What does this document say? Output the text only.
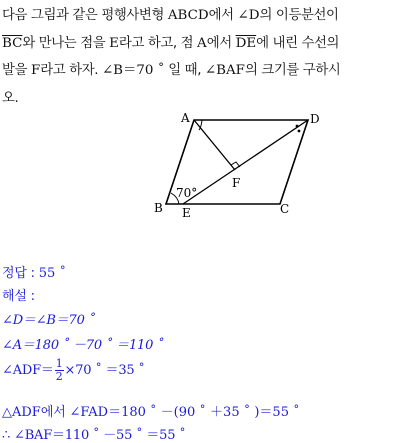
다음 그림과 같은 평행사변형 ABCD에서 ∠D의 이등분선이
$\overline{BC}$와 만나는 점을 E라고 하고, 점 A에서 $\overline{DE}$에 내린 수선의
발을 F라고 하자. ∠B＝70 ˚ 일 때, ∠BAF의 크기를 구하시
오.
A	D
B E	C
F
70°
정답 : 55 ˚
해설 :
∠D＝∠B＝70 ˚
∠A＝180 ˚ －70 ˚ ＝110 ˚
∠ADF＝ $\frac{1}{2} \times 70$ ˚ ＝35 ˚
△ADF에서 ∠FAD＝180 ˚ －(90 ˚ ＋35 ˚ )＝55 ˚
∴ ∠BAF＝110 ˚ －55 ˚ ＝55 ˚
